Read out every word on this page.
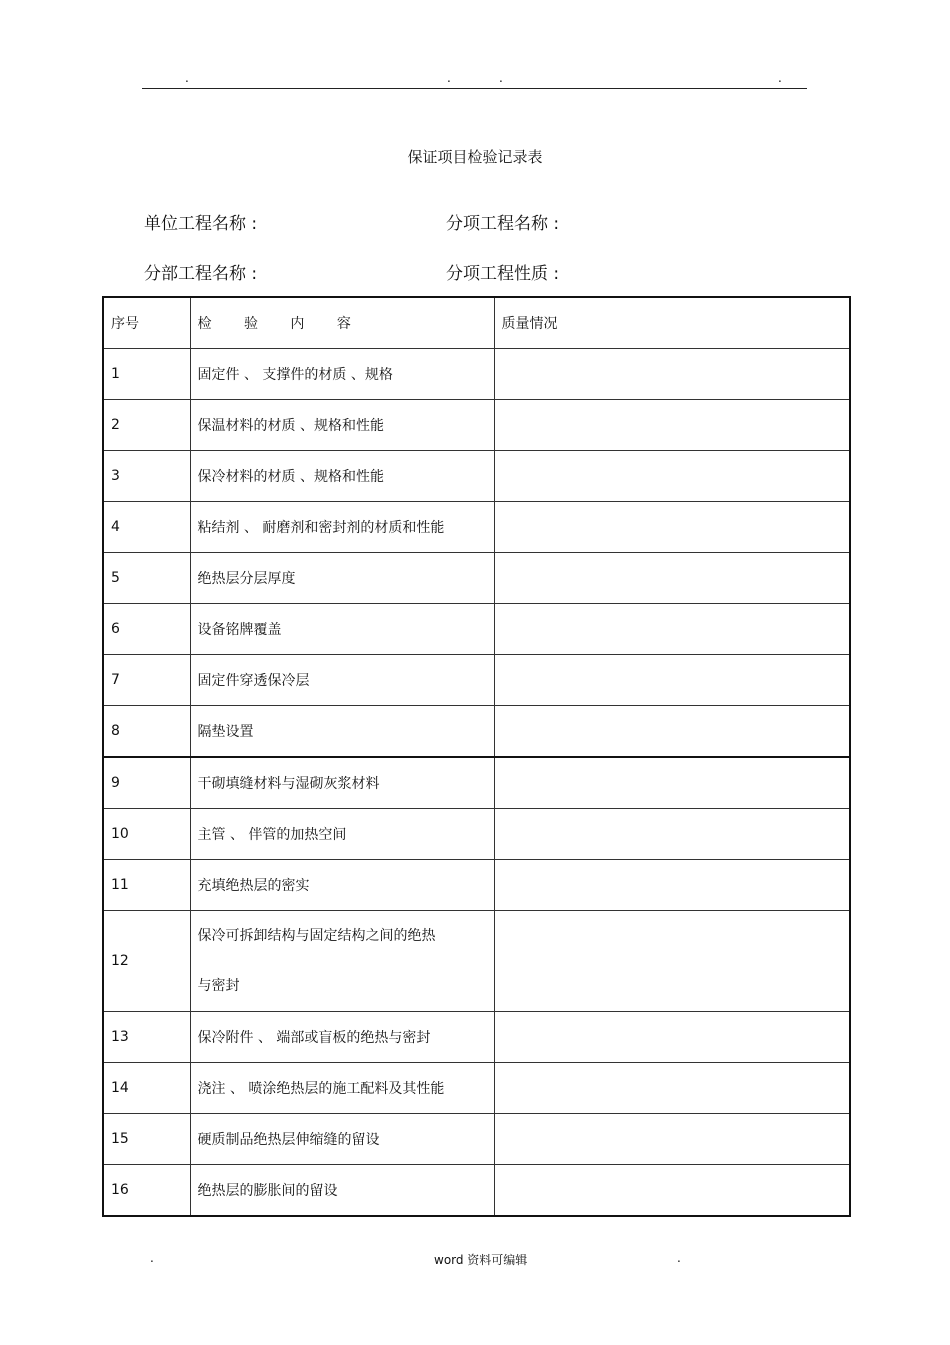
.	.	.	.
保证项目检验记录表
单位工程名称 :	分项工程名称 :
分部工程名称 :	分项工程性质 :
序号	检 验 内 容	质量情况
1	固定件 、 支撑件的材质 、规格	
2	保温材料的材质 、规格和性能	
3	保冷材料的材质 、规格和性能	
4	粘结剂 、 耐磨剂和密封剂的材质和性能	
5	绝热层分层厚度	
6	设备铭牌覆盖	
7	固定件穿透保冷层	
8	隔垫设置	
9	干砌填缝材料与湿砌灰浆材料	
10	主管 、 伴管的加热空间	
11	充填绝热层的密实	
12	保冷可拆卸结构与固定结构之间的绝热
与密封	
13	保冷附件 、 端部或盲板的绝热与密封	
14	浇注 、 喷涂绝热层的施工配料及其性能	
15	硬质制品绝热层伸缩缝的留设	
16	绝热层的膨胀间的留设	
.	word 资料可编辑	.
